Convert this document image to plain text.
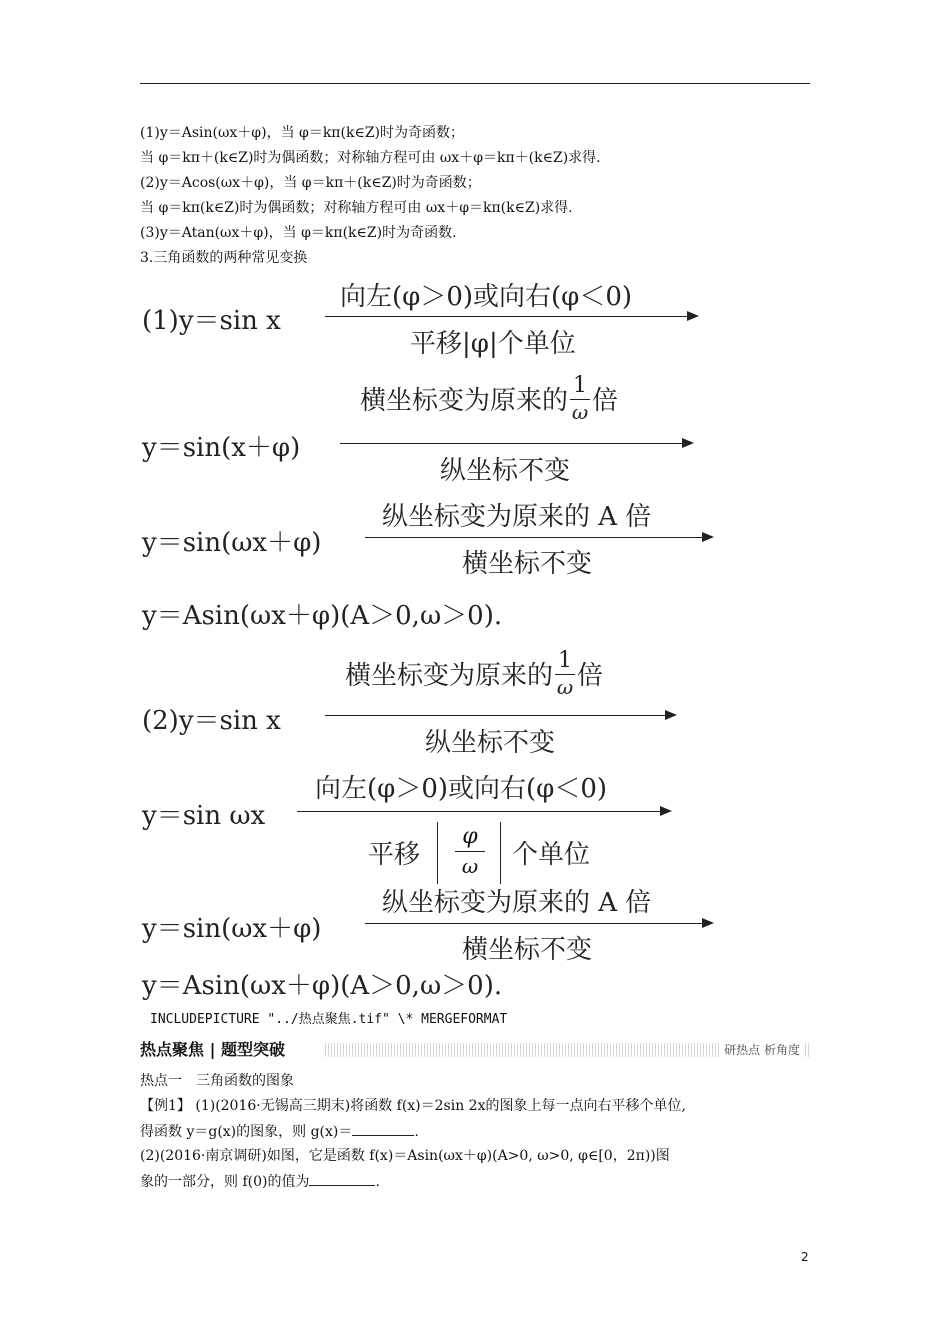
(1)y＝Asin(ωx＋φ)，当 φ＝kπ(k∈Z)时为奇函数；
当 φ＝kπ＋(k∈Z)时为偶函数；对称轴方程可由 ωx＋φ＝kπ＋(k∈Z)求得.
(2)y＝Acos(ωx＋φ)，当 φ＝kπ＋(k∈Z)时为奇函数；
当 φ＝kπ(k∈Z)时为偶函数；对称轴方程可由 ωx＋φ＝kπ(k∈Z)求得.
(3)y＝Atan(ωx＋φ)，当 φ＝kπ(k∈Z)时为奇函数.
3.三角函数的两种常见变换
(1)y＝sin x
向左(φ＞0)或向右(φ＜0)
平移|φ|个单位
横坐标变为原来的 $\frac{1}{\omega}$ 倍
y＝sin(x＋φ)
纵坐标不变
纵坐标变为原来的 A 倍
y＝sin(ωx＋φ)
横坐标不变
y＝Asin(ωx＋φ)(A＞0,ω＞0).
横坐标变为原来的 $\frac{1}{\omega}$ 倍
(2)y＝sin x
纵坐标不变
向左(φ＞0)或向右(φ＜0)
y＝sin ωx
平移
φ
ω 个单位
纵坐标变为原来的 A 倍
y＝sin(ωx＋φ)
横坐标不变
y＝Asin(ωx＋φ)(A＞0,ω＞0).
INCLUDEPICTURE "../热点聚焦.tif" \* MERGEFORMAT
热点聚焦 | 题型突破	研热点 析角度
热点一　三角函数的图象
【例1】 (1)(2016·无锡高三期末)将函数 f(x)＝2sin 2x的图象上每一点向右平移个单位,
得函数 y＝g(x)的图象，则 g(x)＝	.
(2)(2016·南京调研)如图，它是函数 f(x)＝Asin(ωx＋φ)(A>0, ω>0, φ∈[0，2π))图
象的一部分，则 f(0)的值为	.
2
